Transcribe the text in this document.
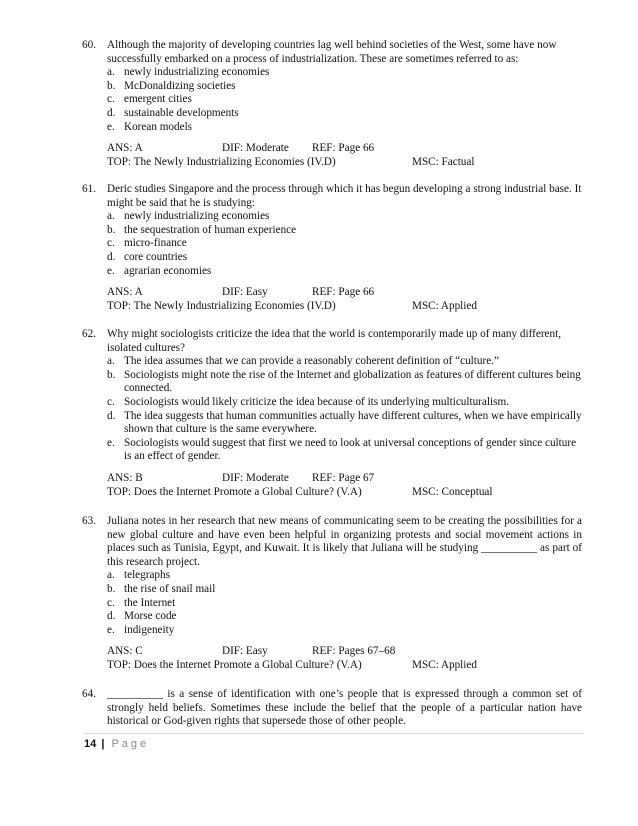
60. Although the majority of developing countries lag well behind societies of the West, some have now successfully embarked on a process of industrialization. These are sometimes referred to as:
a. newly industrializing economies
b. McDonaldizing societies
c. emergent cities
d. sustainable developments
e. Korean models
ANS: A	DIF: Moderate REF: Page 66
TOP: The Newly Industrializing Economies (IV.D)	MSC: Factual
61. Deric studies Singapore and the process through which it has begun developing a strong industrial base. It might be said that he is studying:
a. newly industrializing economies
b. the sequestration of human experience
c. micro-finance
d. core countries
e. agrarian economies
ANS: A	DIF: Easy	REF: Page 66
TOP: The Newly Industrializing Economies (IV.D)	MSC: Applied
62. Why might sociologists criticize the idea that the world is contemporarily made up of many different, isolated cultures?
a. The idea assumes that we can provide a reasonably coherent definition of “culture.”
b. Sociologists might note the rise of the Internet and globalization as features of different cultures being connected.
c. Sociologists would likely criticize the idea because of its underlying multiculturalism.
d. The idea suggests that human communities actually have different cultures, when we have empirically shown that culture is the same everywhere.
e. Sociologists would suggest that first we need to look at universal conceptions of gender since culture is an effect of gender.
ANS: B	DIF: Moderate REF: Page 67
TOP: Does the Internet Promote a Global Culture? (V.A)	MSC: Conceptual
63. Juliana notes in her research that new means of communicating seem to be creating the possibilities for a new global culture and have even been helpful in organizing protests and social movement actions in places such as Tunisia, Egypt, and Kuwait. It is likely that Juliana will be studying __________ as part of this research project.
a. telegraphs
b. the rise of snail mail
c. the Internet
d. Morse code
e. indigeneity
ANS: C	DIF: Easy	REF: Pages 67–68
TOP: Does the Internet Promote a Global Culture? (V.A)	MSC: Applied
64. __________ is a sense of identification with one’s people that is expressed through a common set of strongly held beliefs. Sometimes these include the belief that the people of a particular nation have historical or God-given rights that supersede those of other people.
14 | Page
